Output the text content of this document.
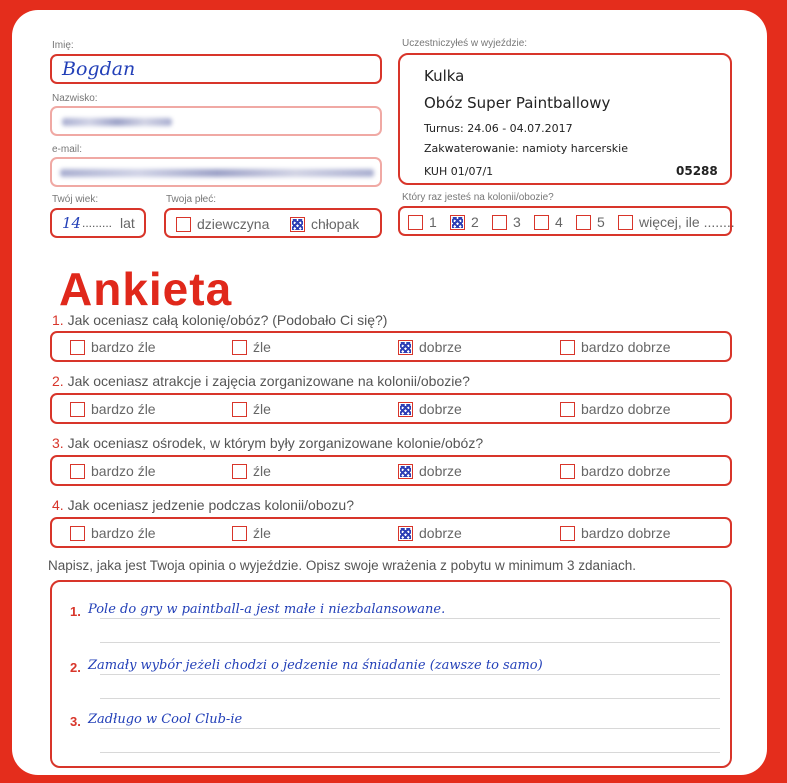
Imię:
Bogdan
Nazwisko:
e-mail:
Twój wiek:
14 ......... lat
Twoja płeć:
dziewczyna	chłopak
Uczestniczyłeś w wyjeździe:
Kulka
Obóz Super Paintballowy
Turnus: 24.06 - 04.07.2017
Zakwaterowanie: namioty harcerskie
KUH 01/07/1	05288
Który raz jesteś na kolonii/obozie?
1	2	3	4	5	więcej, ile ........
Ankieta
1. Jak oceniasz całą kolonię/obóz? (Podobało Ci się?)
bardzo źle	źle	dobrze	bardzo dobrze
2. Jak oceniasz atrakcje i zajęcia zorganizowane na kolonii/obozie?
bardzo źle	źle	dobrze	bardzo dobrze
3. Jak oceniasz ośrodek, w którym były zorganizowane kolonie/obóz?
bardzo źle	źle	dobrze	bardzo dobrze
4. Jak oceniasz jedzenie podczas kolonii/obozu?
bardzo źle	źle	dobrze	bardzo dobrze
Napisz, jaka jest Twoja opinia o wyjeździe. Opisz swoje wrażenia z pobytu w minimum 3 zdaniach.
1. Pole do gry w paintball-a jest małe i niezbalansowane.
2. Zamały wybór jeżeli chodzi o jedzenie na śniadanie (zawsze to samo)
3. Zadługo w Cool Club-ie
